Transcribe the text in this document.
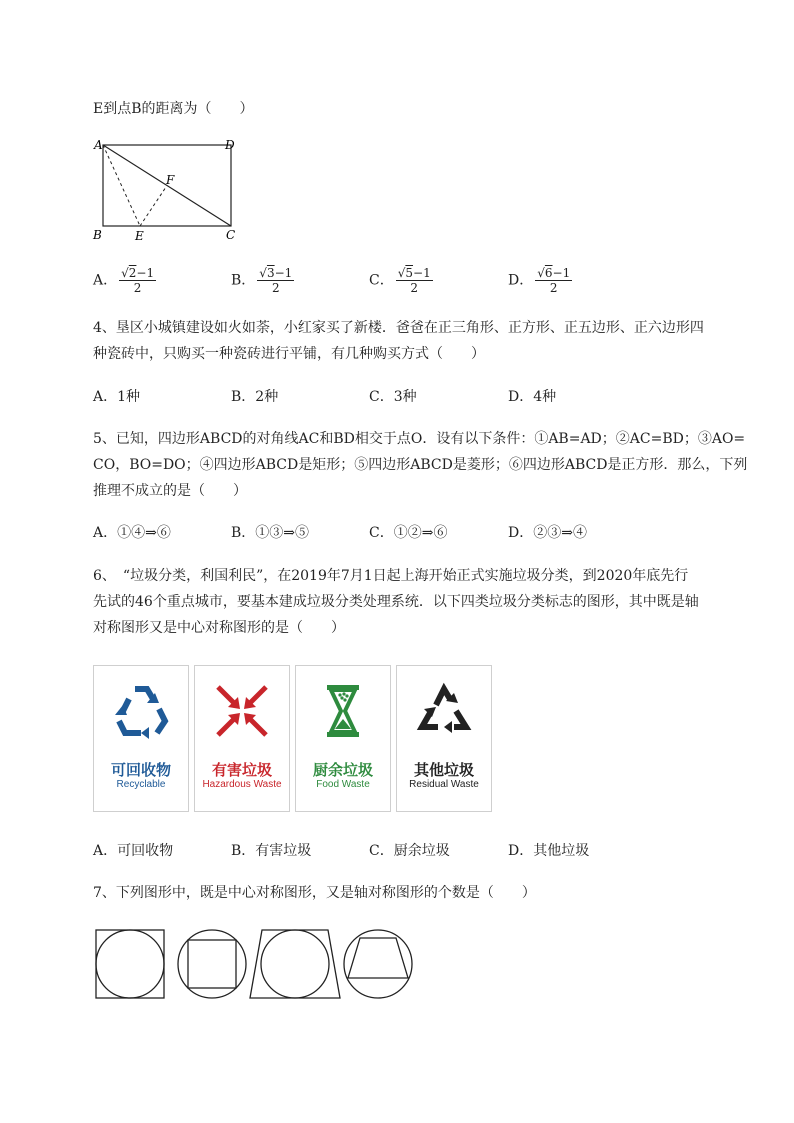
E到点B的距离为（　　）
A	D
B	C
E
F
A． $\frac{√2-1}{2}$	B． $\frac{√3-1}{2}$	C． $\frac{√5-1}{2}$	D． $\frac{√6-1}{2}$
4、垦区小城镇建设如火如荼，小红家买了新楼．爸爸在正三角形、正方形、正五边形、正六边形四
种瓷砖中，只购买一种瓷砖进行平铺，有几种购买方式（　　）
A．1种	B．2种	C．3种	D．4种
5、已知，四边形ABCD的对角线AC和BD相交于点O．设有以下条件：①AB=AD；②AC=BD；③AO=
CO，BO=DO；④四边形ABCD是矩形；⑤四边形ABCD是菱形；⑥四边形ABCD是正方形．那么，下列
推理不成立的是（　　）
A．①④⇒⑥	B．①③⇒⑤	C．①②⇒⑥	D．②③⇒④
6、　“垃圾分类，利国利民”，在2019年7月1日起上海开始正式实施垃圾分类，到2020年底先行
先试的46个重点城市，要基本建成垃圾分类处理系统．以下四类垃圾分类标志的图形，其中既是轴
对称图形又是中心对称图形的是（　　）
可回收物
Recyclable
有害垃圾
Hazardous Waste
厨余垃圾
Food Waste
其他垃圾
Residual Waste
A．可回收物	B．有害垃圾	C．厨余垃圾	D．其他垃圾
7、下列图形中，既是中心对称图形，又是轴对称图形的个数是（　　）
